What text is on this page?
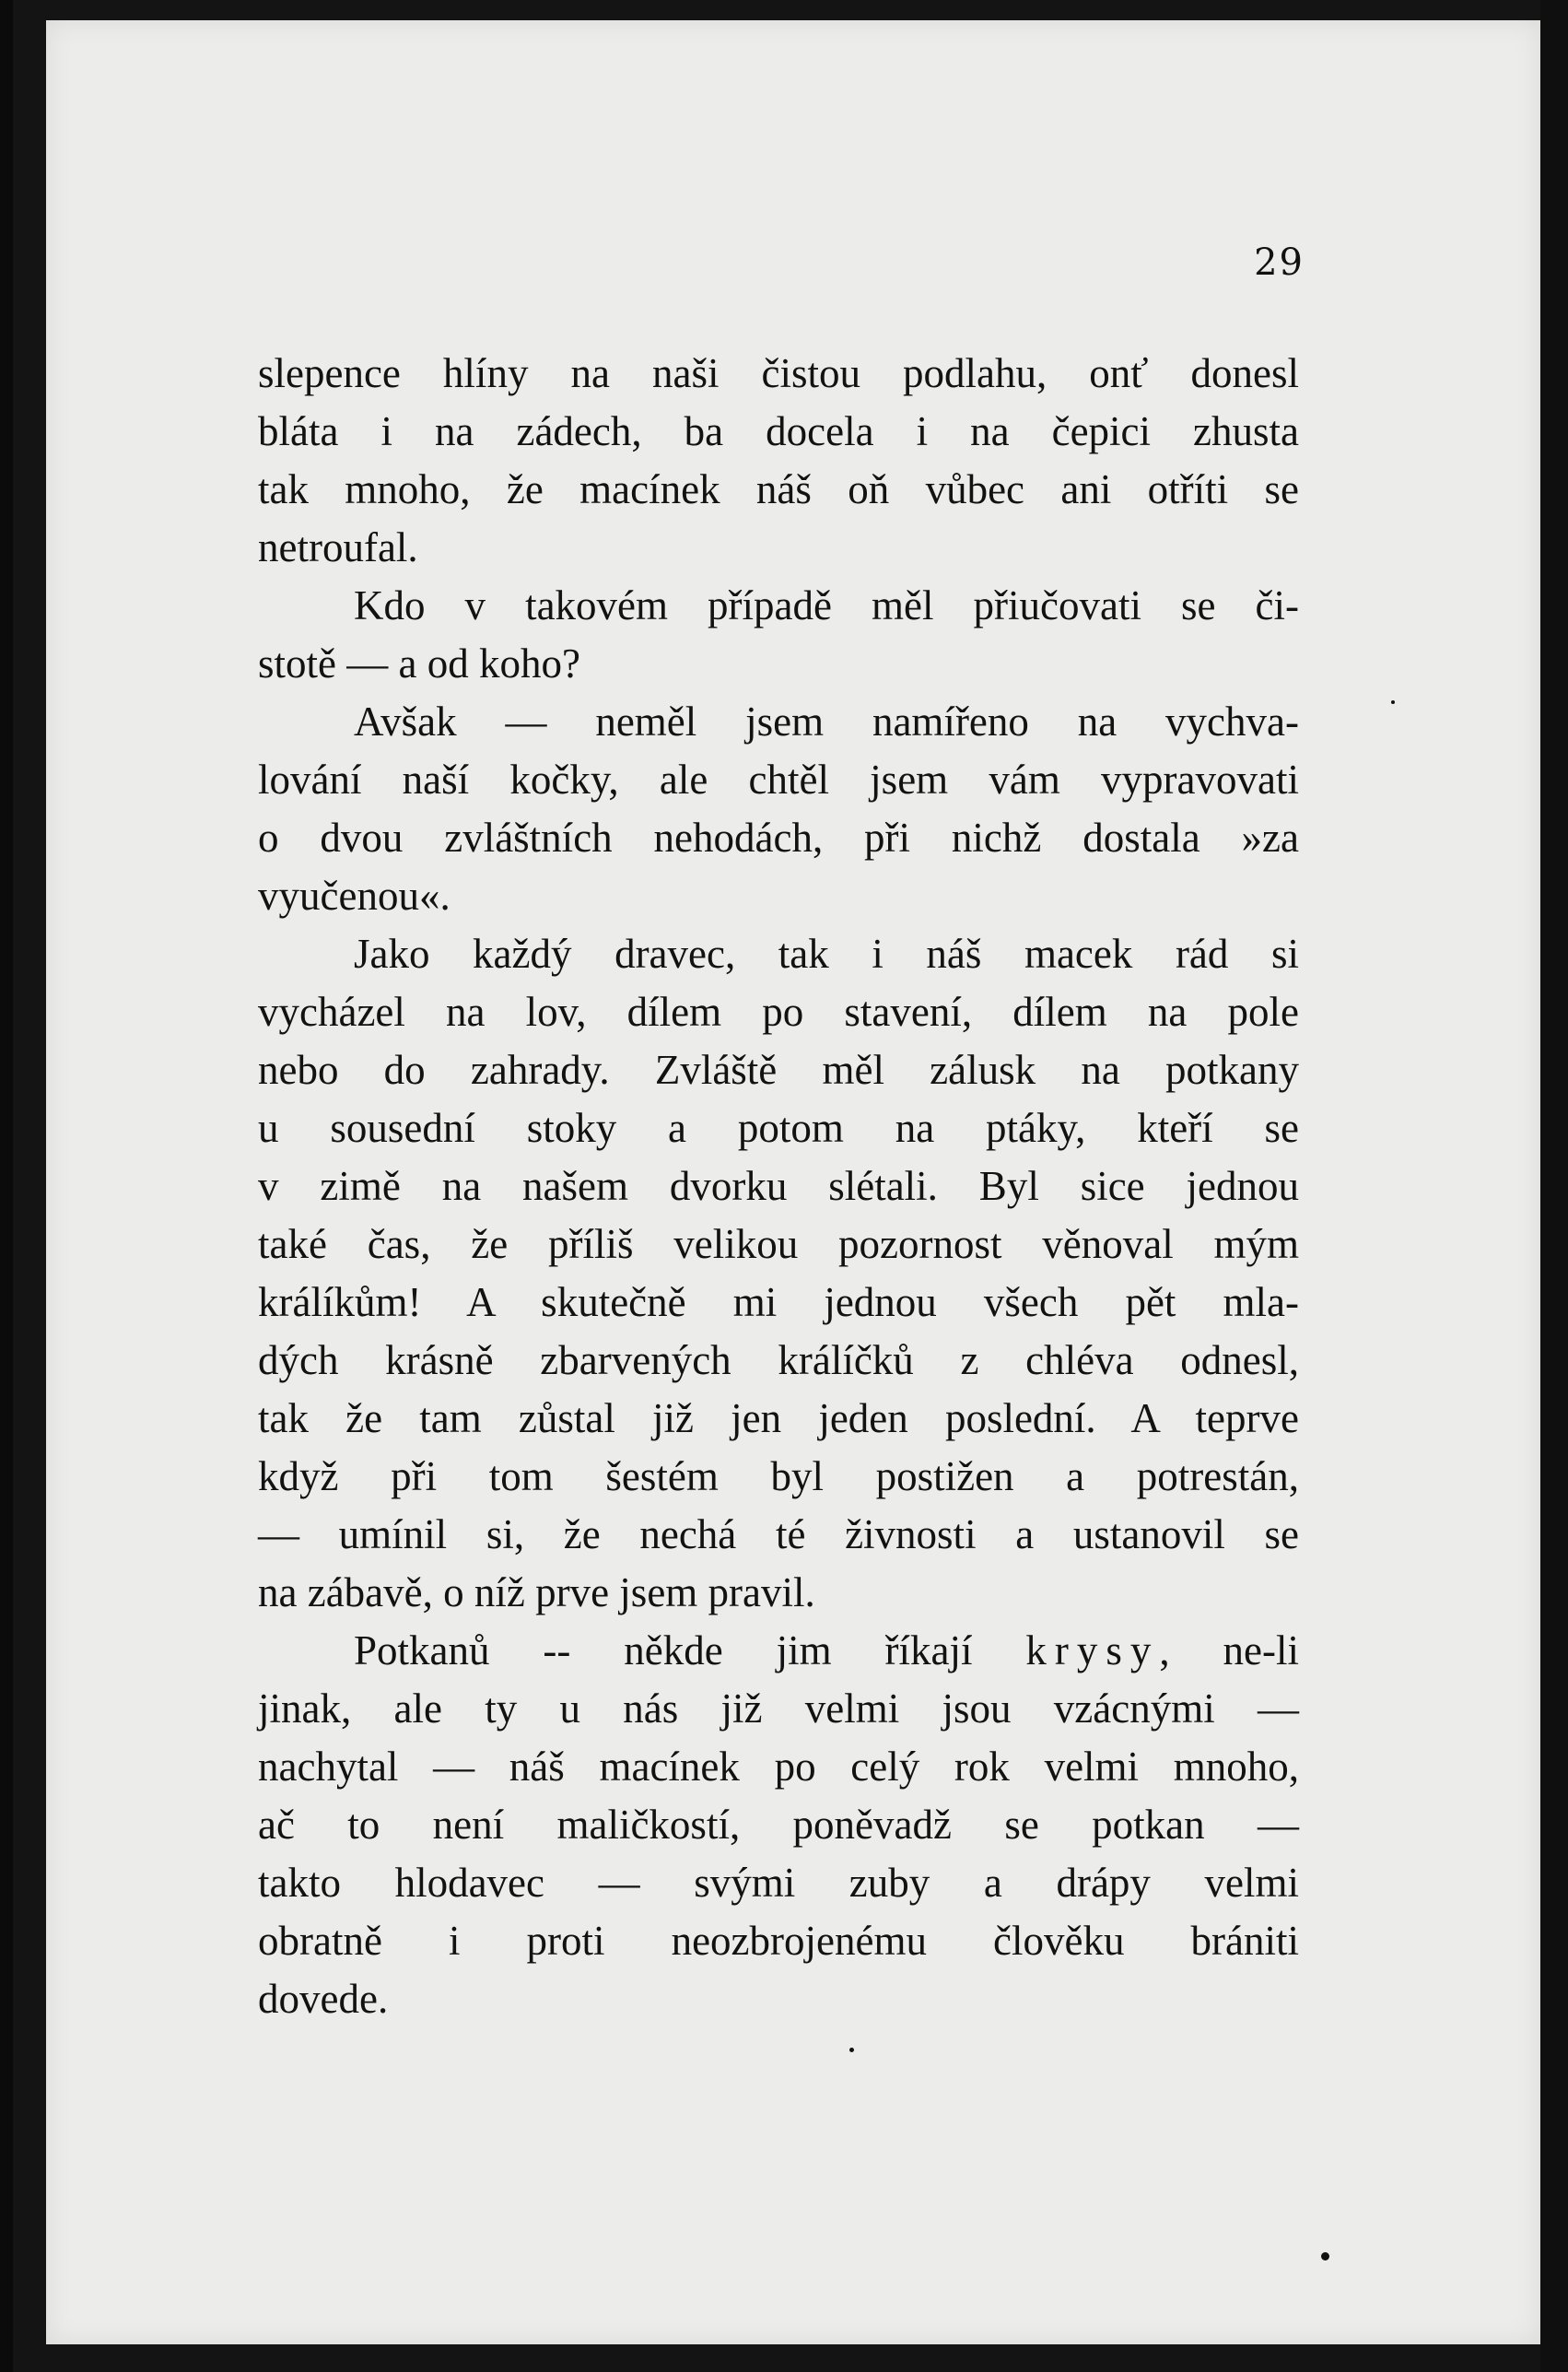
29
slepence hlíny na naši čistou podlahu, onť donesl
bláta i na zádech, ba docela i na čepici zhusta
tak mnoho, že macínek náš oň vůbec ani otříti se
netroufal.
Kdo v takovém případě měl přiučovati se či-
stotě — a od koho?
Avšak — neměl jsem namířeno na vychva-
lování naší kočky, ale chtěl jsem vám vypravovati
o dvou zvláštních nehodách, při nichž dostala »za
vyučenou«.
Jako každý dravec, tak i náš macek rád si
vycházel na lov, dílem po stavení, dílem na pole
nebo do zahrady. Zvláště měl zálusk na potkany
u sousední stoky a potom na ptáky, kteří se
v zimě na našem dvorku slétali. Byl sice jednou
také čas, že příliš velikou pozornost věnoval mým
králíkům! A skutečně mi jednou všech pět mla-
dých krásně zbarvených králíčků z chléva odnesl,
tak že tam zůstal již jen jeden poslední. A teprve
když při tom šestém byl postižen a potrestán,
— umínil si, že nechá té živnosti a ustanovil se
na zábavě, o níž prve jsem pravil.
Potkanů -- někde jim říkají krysy, ne-li
jinak, ale ty u nás již velmi jsou vzácnými —
nachytal — náš macínek po celý rok velmi mnoho,
ač to není maličkostí, poněvadž se potkan —
takto hlodavec — svými zuby a drápy velmi
obratně i proti neozbrojenému člověku brániti
dovede.
